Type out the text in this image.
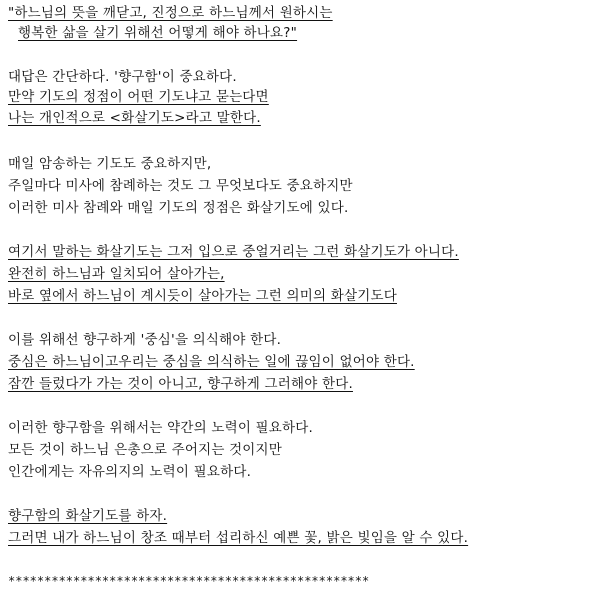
"하느님의 뜻을 깨닫고, 진정으로 하느님께서 원하시는
행복한 삶을 살기 위해선 어떻게 해야 하나요?"
대답은 간단하다. '향구함'이 중요하다.
만약 기도의 정점이 어떤 기도냐고 묻는다면
나는 개인적으로 <화살기도>라고 말한다.
매일 암송하는 기도도 중요하지만,
주일마다 미사에 참례하는 것도 그 무엇보다도 중요하지만
이러한 미사 참례와 매일 기도의 정점은 화살기도에 있다.
여기서 말하는 화살기도는 그저 입으로 중얼거리는 그런 화살기도가 아니다.
완전히 하느님과 일치되어 살아가는,
바로 옆에서 하느님이 계시듯이 살아가는 그런 의미의 화살기도다
이를 위해선 향구하게 '중심'을 의식해야 한다.
중심은 하느님이고우리는 중심을 의식하는 일에 끊임이 없어야 한다.
잠깐 들렀다가 가는 것이 아니고, 향구하게 그러해야 한다.
이러한 향구함을 위해서는 약간의 노력이 필요하다.
모든 것이 하느님 은총으로 주어지는 것이지만
인간에게는 자유의지의 노력이 필요하다.
향구함의 화살기도를 하자.
그러면 내가 하느님이 창조 때부터 섭리하신 예쁜 꽃, 밝은 빛임을 알 수 있다.
**************************************************
